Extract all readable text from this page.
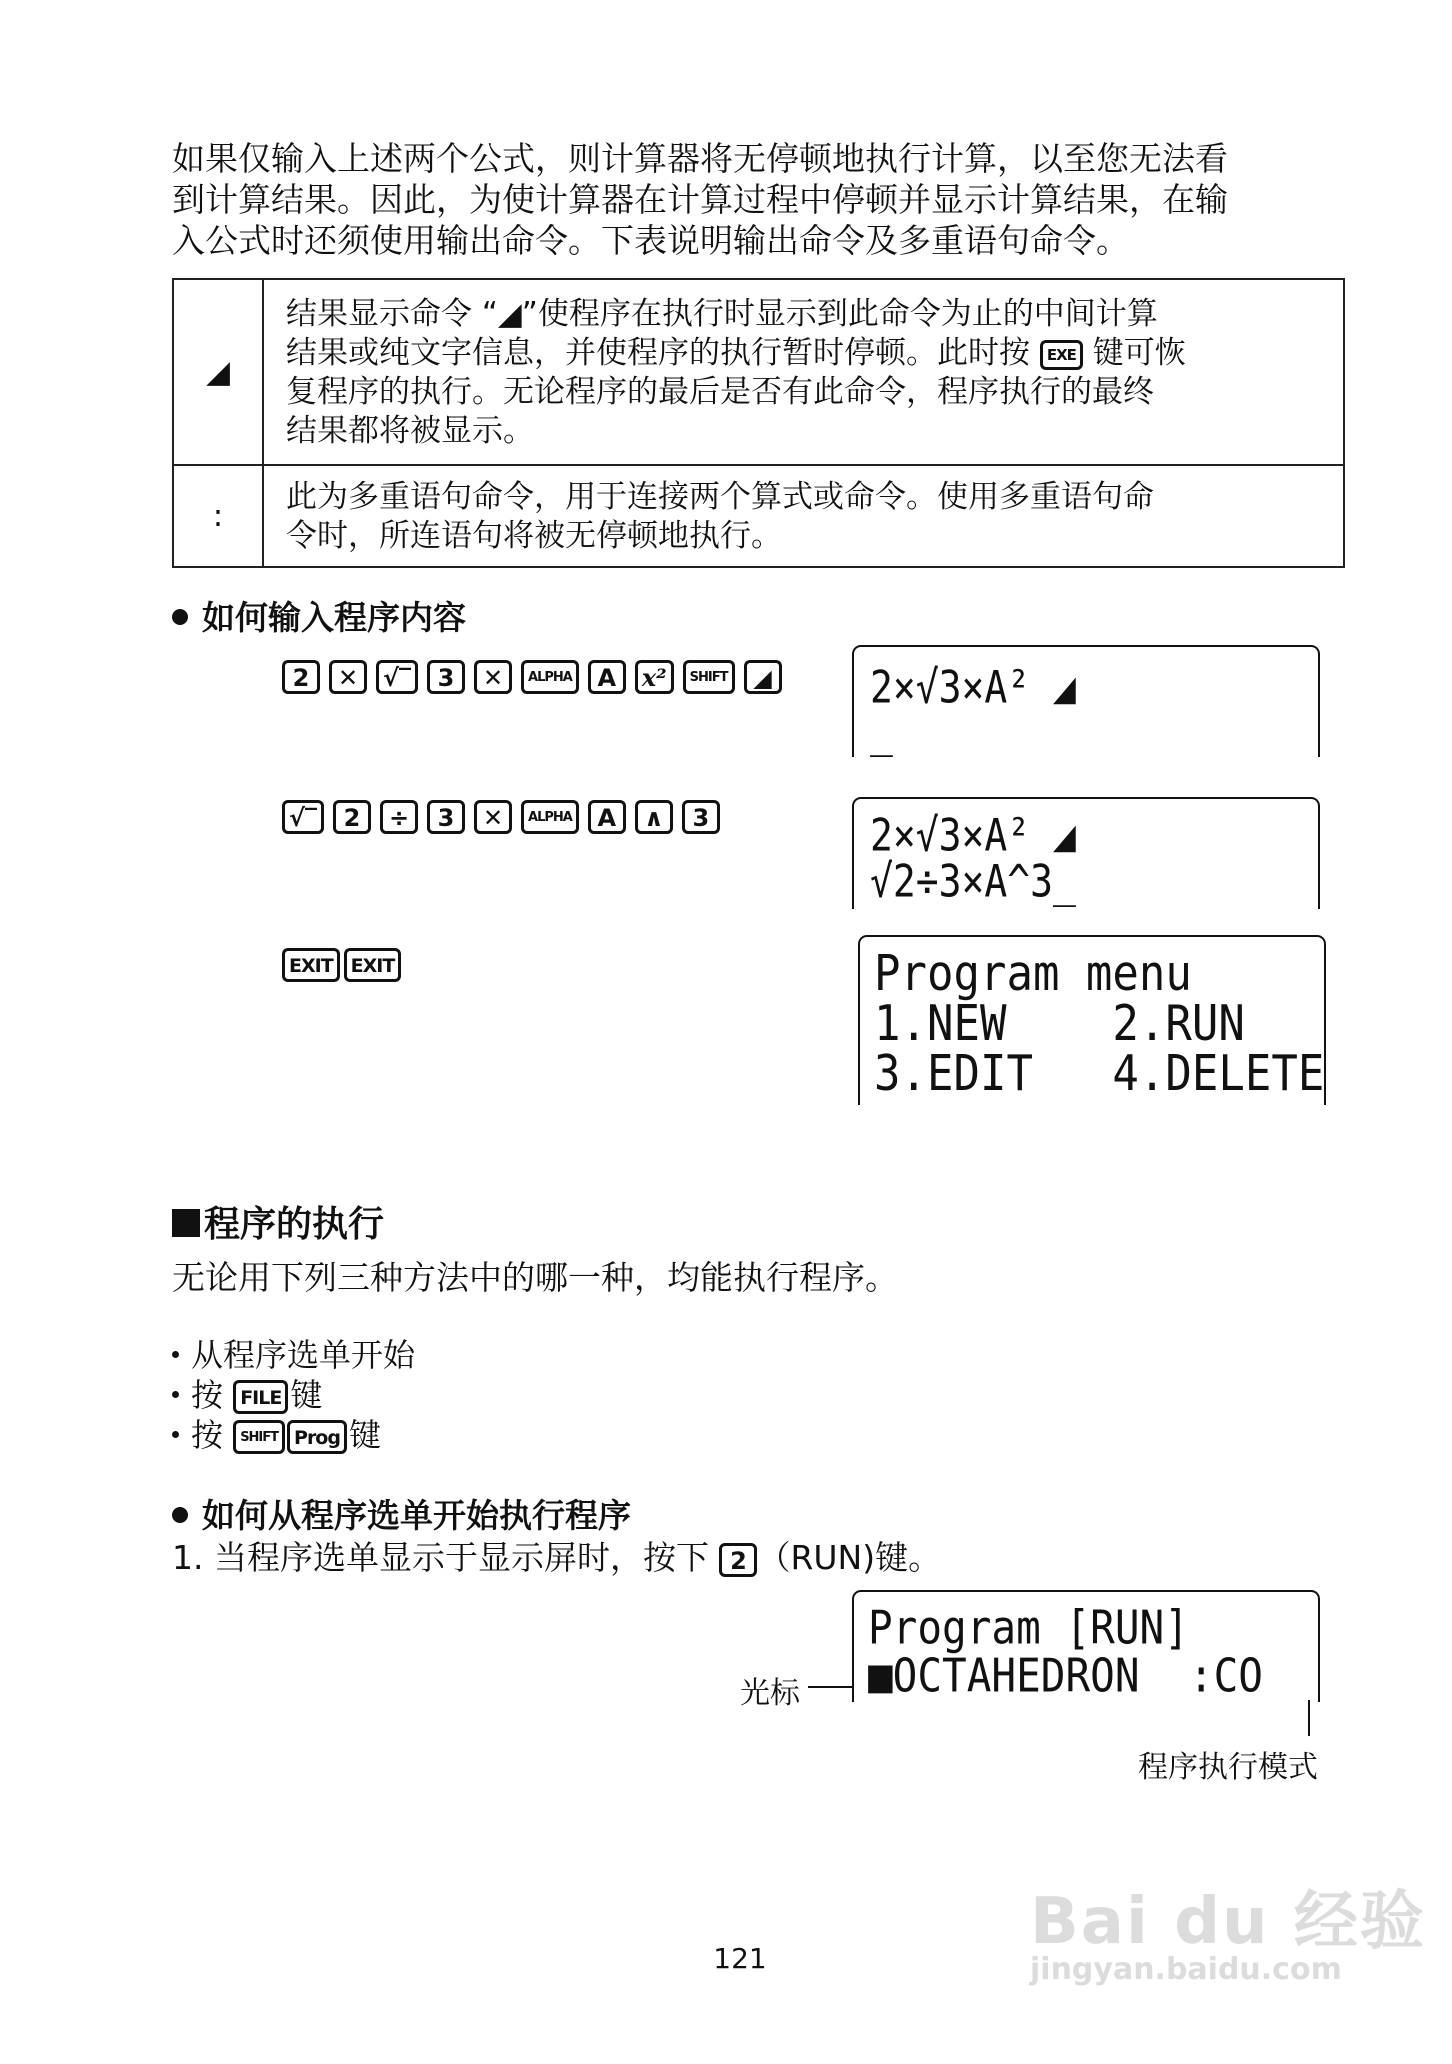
如果仅输入上述两个公式，则计算器将无停顿地执行计算，以至您无法看
到计算结果。因此，为使计算器在计算过程中停顿并显示计算结果，在输
入公式时还须使用输出命令。下表说明输出命令及多重语句命令。
◢	结果显示命令 “◢”使程序在执行时显示到此命令为止的中间计算
结果或纯文字信息，并使程序的执行暂时停顿。此时按 EXE 键可恢
复程序的执行。无论程序的最后是否有此命令，程序执行的最终
结果都将被显示。

:	此为多重语句命令，用于连接两个算式或命令。使用多重语句命
令时，所连语句将被无停顿地执行。
如何输入程序内容
2 ✕ √‾ 3 ✕ ALPHA A x² SHIFT ◢	2×√3×A² ◢
_
√‾ 2 ÷ 3 ✕ ALPHA A ∧ 3	2×√3×A² ◢
√2÷3×A^3_
EXIT EXIT	Program menu
1.NEW    2.RUN
3.EDIT   4.DELETE
程序的执行
无论用下列三种方法中的哪一种，均能执行程序。
从程序选单开始
按 FILE 键
按 SHIFT Prog 键
如何从程序选单开始执行程序
1. 当程序选单显示于显示屏时，按下 2 （RUN)键。
Program [RUN]
■OCTAHEDRON  :CO
光标
程序执行模式
121	Bai du 经验
jingyan.baidu.com
